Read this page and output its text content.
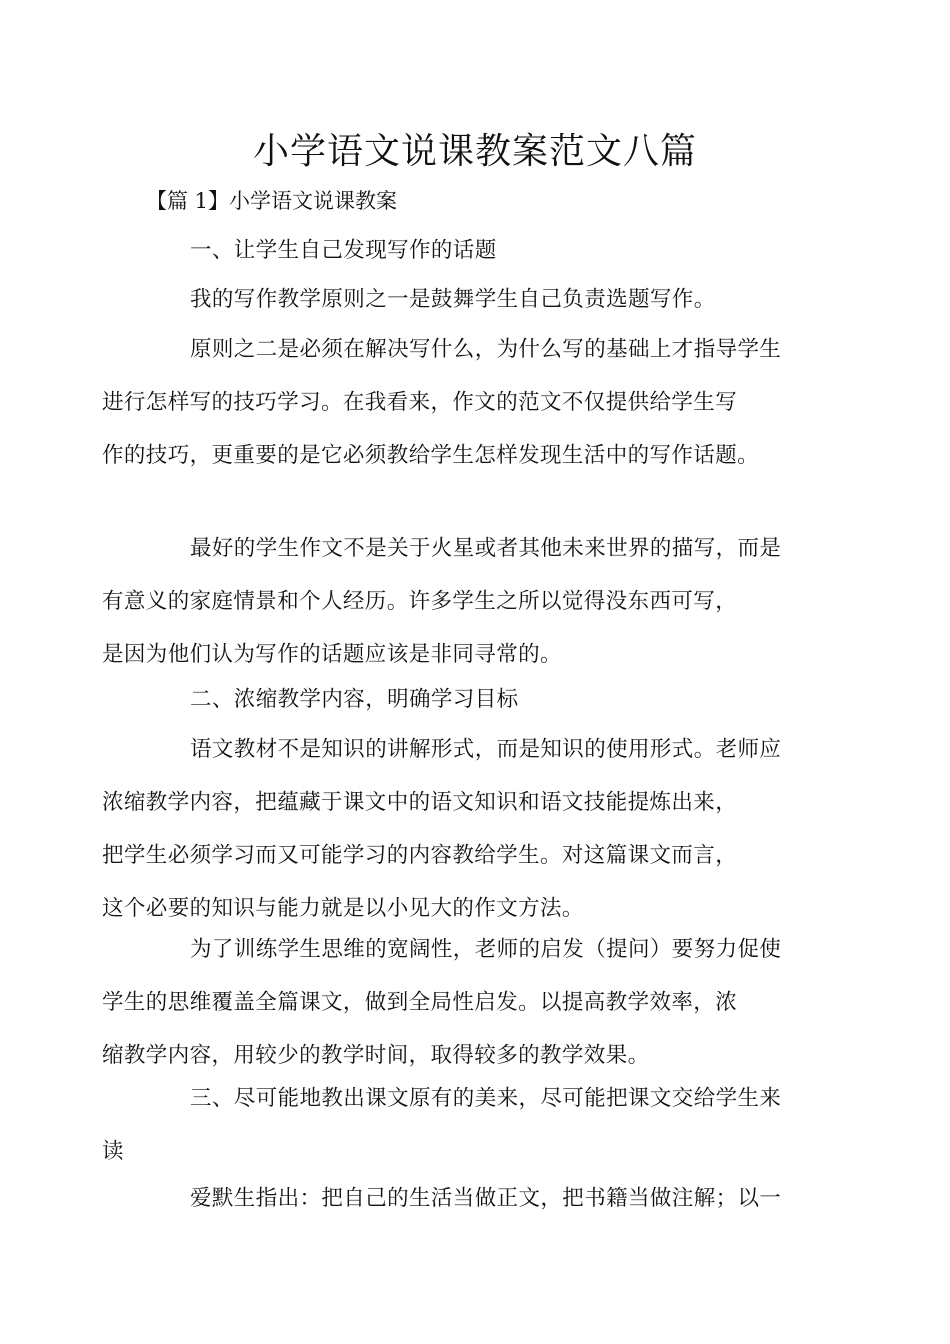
小学语文说课教案范文八篇

【篇 1】小学语文说课教案

一、让学生自己发现写作的话题

我的写作教学原则之一是鼓舞学生自己负责选题写作。

原则之二是必须在解决写什么，为什么写的基础上才指导学生
进行怎样写的技巧学习。在我看来，作文的范文不仅提供给学生写
作的技巧，更重要的是它必须教给学生怎样发现生活中的写作话题。

最好的学生作文不是关于火星或者其他未来世界的描写，而是
有意义的家庭情景和个人经历。许多学生之所以觉得没东西可写，
是因为他们认为写作的话题应该是非同寻常的。

二、浓缩教学内容，明确学习目标

语文教材不是知识的讲解形式，而是知识的使用形式。老师应
浓缩教学内容，把蕴藏于课文中的语文知识和语文技能提炼出来，
把学生必须学习而又可能学习的内容教给学生。对这篇课文而言，
这个必要的知识与能力就是以小见大的作文方法。

为了训练学生思维的宽阔性，老师的启发（提问）要努力促使
学生的思维覆盖全篇课文，做到全局性启发。以提高教学效率，浓
缩教学内容，用较少的教学时间，取得较多的教学效果。

三、尽可能地教出课文原有的美来，尽可能把课文交给学生来
读

爱默生指出：把自己的生活当做正文，把书籍当做注解；以一
